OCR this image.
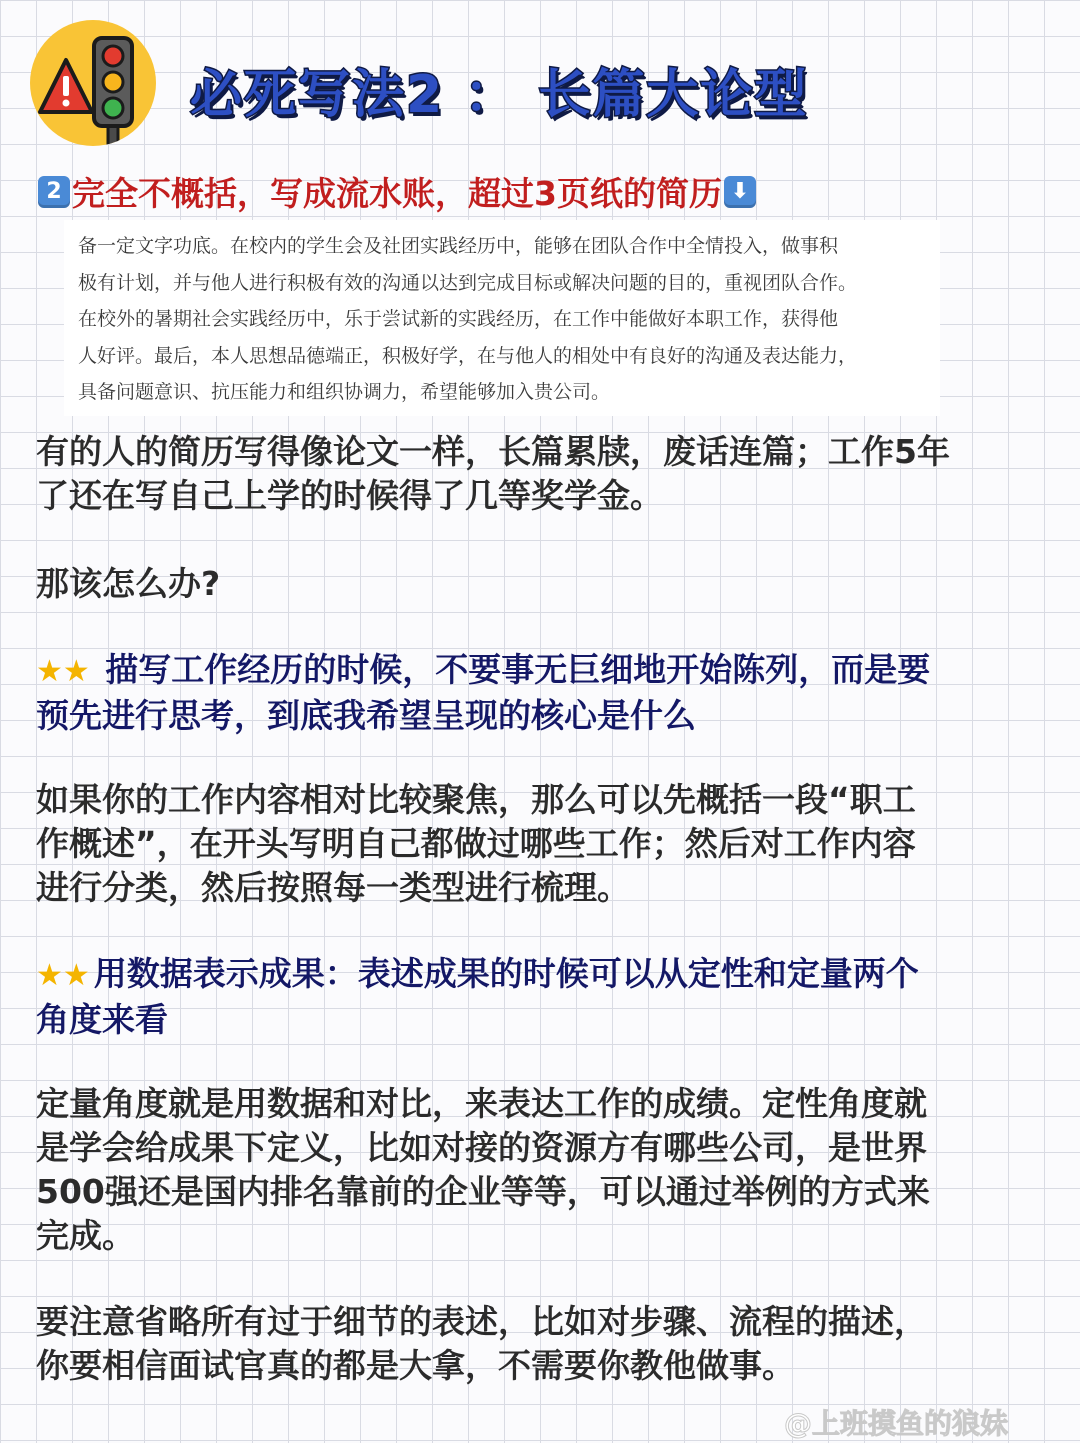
必死写法2 ： 长篇大论型
2 完全不概括，写成流水账，超过3页纸的简历 ⬇

备一定文字功底。在校内的学生会及社团实践经历中，能够在团队合作中全情投入，做事积
极有计划，并与他人进行积极有效的沟通以达到完成目标或解决问题的目的，重视团队合作。
在校外的暑期社会实践经历中，乐于尝试新的实践经历，在工作中能做好本职工作，获得他
人好评。最后，本人思想品德端正，积极好学，在与他人的相处中有良好的沟通及表达能力，
具备问题意识、抗压能力和组织协调力，希望能够加入贵公司。

有的人的简历写得像论文一样，长篇累牍，废话连篇；工作5年
了还在写自己上学的时候得了几等奖学金。

那该怎么办?

★★ 描写工作经历的时候，不要事无巨细地开始陈列，而是要
预先进行思考，到底我希望呈现的核心是什么

如果你的工作内容相对比较聚焦，那么可以先概括一段“职工
作概述”，在开头写明自己都做过哪些工作；然后对工作内容
进行分类，然后按照每一类型进行梳理。

★★ 用数据表示成果：表述成果的时候可以从定性和定量两个
角度来看

定量角度就是用数据和对比，来表达工作的成绩。定性角度就
是学会给成果下定义，比如对接的资源方有哪些公司，是世界
500强还是国内排名靠前的企业等等，可以通过举例的方式来
完成。

要注意省略所有过于细节的表述，比如对步骤、流程的描述，
你要相信面试官真的都是大拿，不需要你教他做事。

@上班摸鱼的狼妹
